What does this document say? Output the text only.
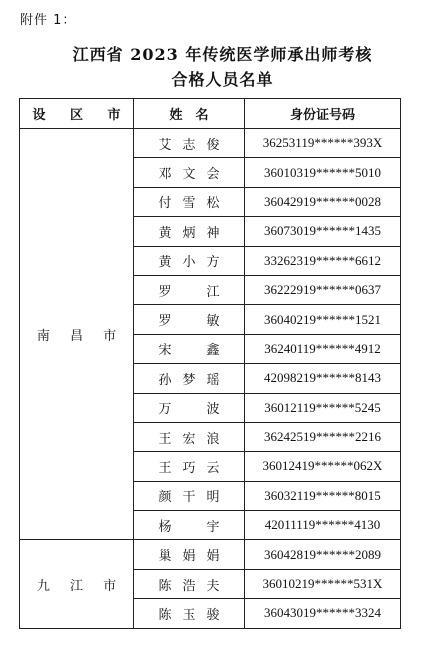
附件 1：
江西省 2023 年传统医学师承出师考核
合格人员名单
设 区 市	姓　名	身份证号码
南 昌 市	艾 志 俊	36253119******393X
	邓 文 会	36010319******5010
	付 雪 松	36042919******0028
	黄 炳 神	36073019******1435
	黄 小 方	33262319******6612
	罗 江	36222919******0637
	罗 敏	36040219******1521
	宋 鑫	36240119******4912
	孙 梦 瑶	42098219******8143
	万 波	36012119******5245
	王 宏 浪	36242519******2216
	王 巧 云	36012419******062X
	颜 干 明	36032119******8015
	杨 宇	42011119******4130
九 江 市	巢 娟 娟	36042819******2089
	陈 浩 夫	36010219******531X
	陈 玉 骏	36043019******3324
